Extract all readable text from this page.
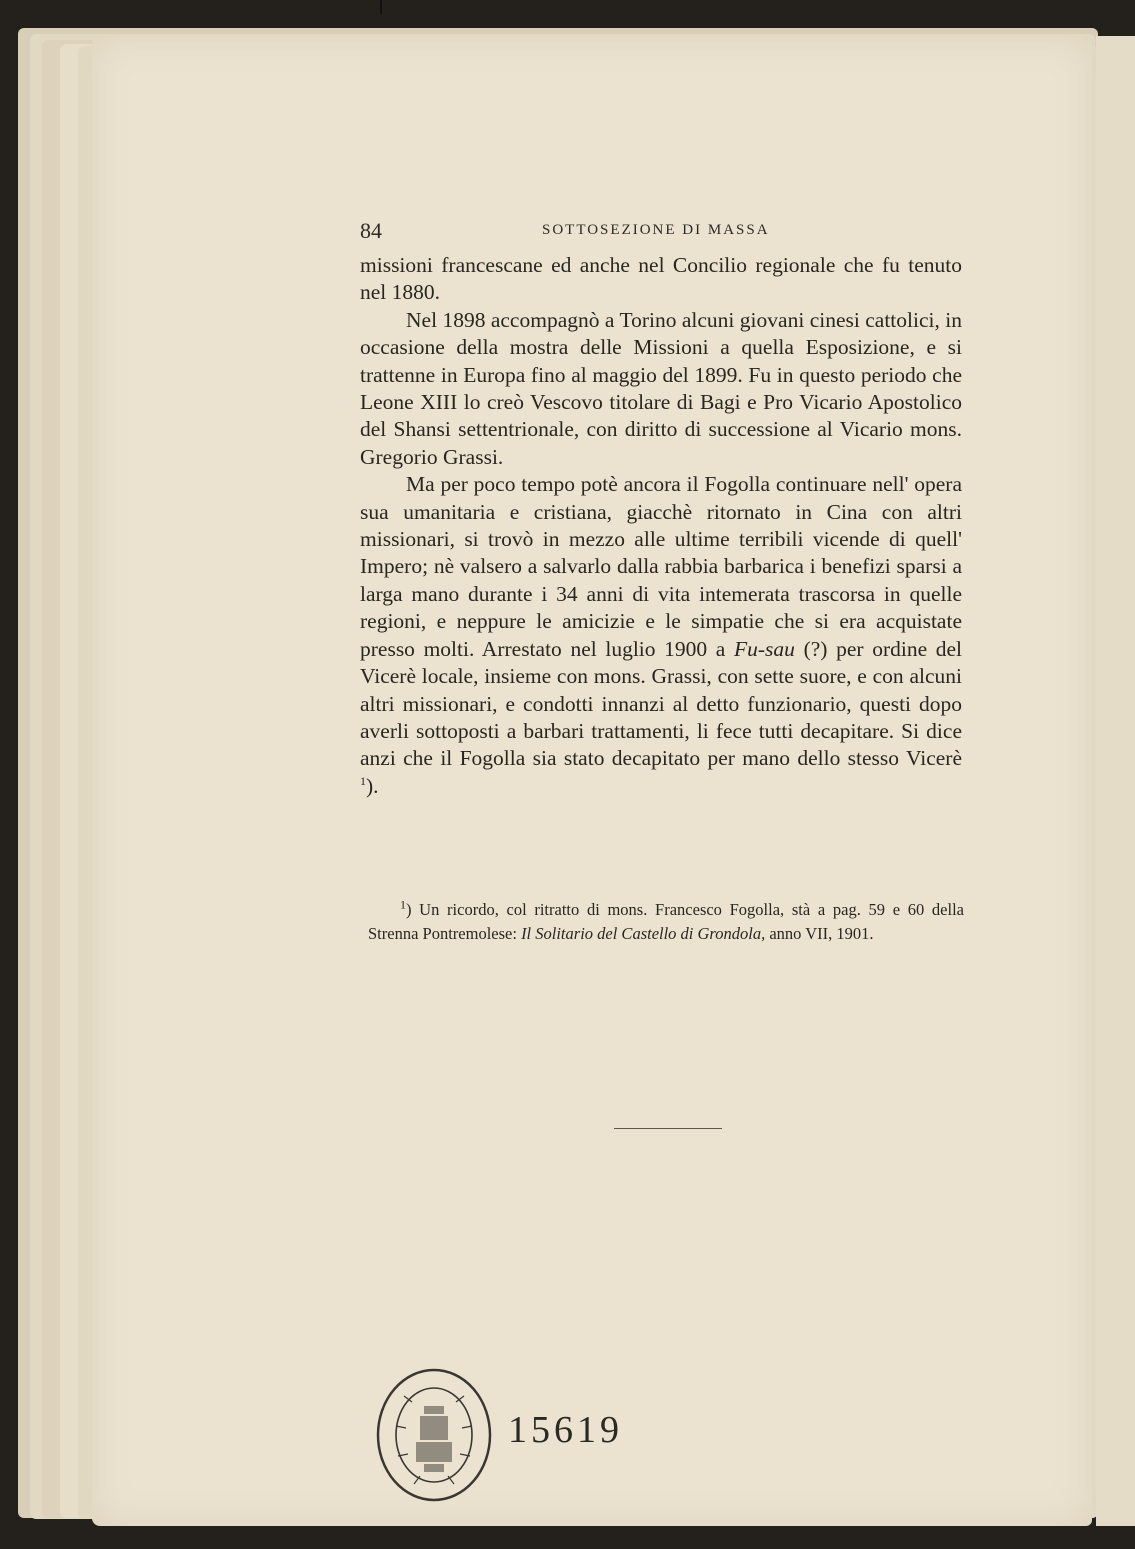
84	SOTTOSEZIONE DI MASSA

missioni francescane ed anche nel Concilio regionale che fu tenuto nel 1880.

Nel 1898 accompagnò a Torino alcuni giovani cinesi cattolici, in occasione della mostra delle Missioni a quella Esposizione, e si trattenne in Europa fino al maggio del 1899. Fu in questo periodo che Leone XIII lo creò Vescovo titolare di Bagi e Pro Vicario Apostolico del Shansi settentrionale, con diritto di successione al Vicario mons. Gregorio Grassi.

Ma per poco tempo potè ancora il Fogolla continuare nell' opera sua umanitaria e cristiana, giacchè ritornato in Cina con altri missionari, si trovò in mezzo alle ultime terribili vicende di quell' Impero; nè valsero a salvarlo dalla rabbia barbarica i benefizi sparsi a larga mano durante i 34 anni di vita intemerata trascorsa in quelle regioni, e neppure le amicizie e le simpatie che si era acquistate presso molti. Arrestato nel luglio 1900 a Fu-sau (?) per ordine del Vicerè locale, insieme con mons. Grassi, con sette suore, e con alcuni altri missionari, e condotti innanzi al detto funzionario, questi dopo averli sottoposti a barbari trattamenti, li fece tutti decapitare. Si dice anzi che il Fogolla sia stato decapitato per mano dello stesso Vicerè $^1$).

$^1$) Un ricordo, col ritratto di mons. Francesco Fogolla, stà a pag. 59 e 60 della Strenna Pontremolese: Il Solitario del Castello di Grondola, anno VII, 1901.

15619
